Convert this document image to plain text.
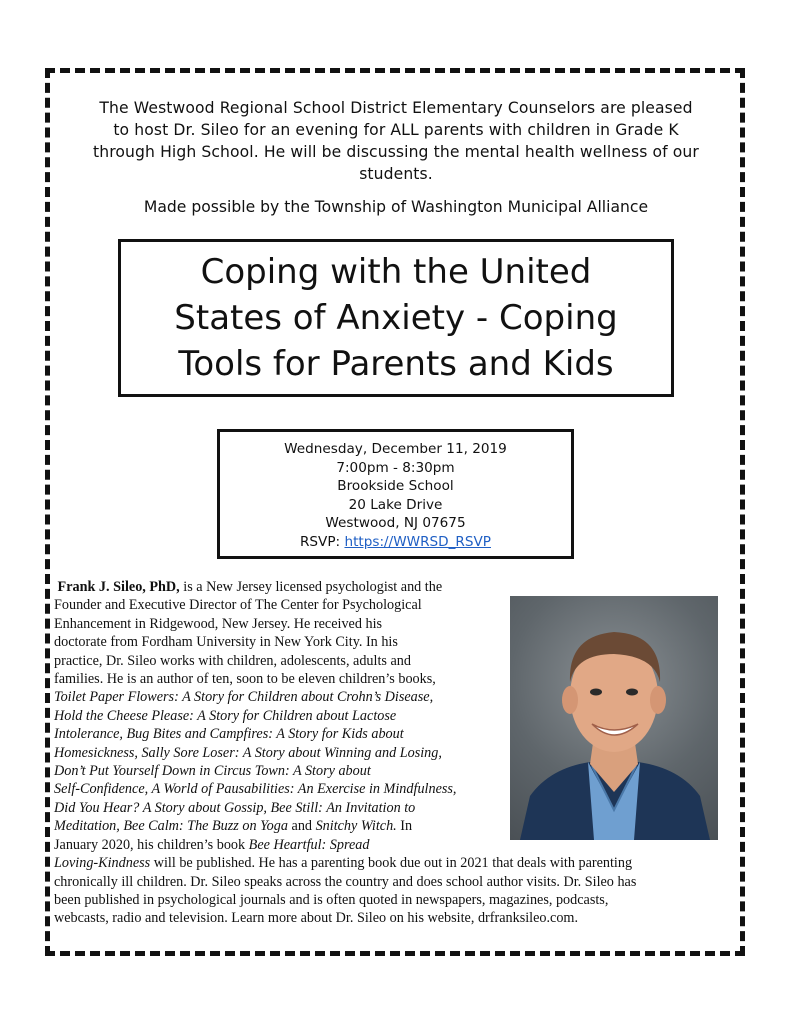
The Westwood Regional School District Elementary Counselors are pleased
to host Dr. Sileo for an evening for ALL parents with children in Grade K
through High School. He will be discussing the mental health wellness of our
students.
Made possible by the Township of Washington Municipal Alliance
Coping with the United
States of Anxiety - Coping
Tools for Parents and Kids
Wednesday, December 11, 2019
7:00pm - 8:30pm
Brookside School
20 Lake Drive
Westwood, NJ 07675
RSVP: https://WWRSD_RSVP
Frank J. Sileo, PhD, is a New Jersey licensed psychologist and the
Founder and Executive Director of The Center for Psychological
Enhancement in Ridgewood, New Jersey. He received his
doctorate from Fordham University in New York City. In his
practice, Dr. Sileo works with children, adolescents, adults and
families. He is an author of ten, soon to be eleven children’s books,
Toilet Paper Flowers: A Story for Children about Crohn’s Disease,
Hold the Cheese Please: A Story for Children about Lactose
Intolerance, Bug Bites and Campfires: A Story for Kids about
Homesickness, Sally Sore Loser: A Story about Winning and Losing,
Don’t Put Yourself Down in Circus Town: A Story about
Self-Confidence, A World of Pausabilities: An Exercise in Mindfulness,
Did You Hear? A Story about Gossip, Bee Still: An Invitation to
Meditation, Bee Calm: The Buzz on Yoga and Snitchy Witch. In
January 2020, his children’s book Bee Heartful: Spread
Loving-Kindness will be published. He has a parenting book due out in 2021 that deals with parenting
chronically ill children. Dr. Sileo speaks across the country and does school author visits. Dr. Sileo has
been published in psychological journals and is often quoted in newspapers, magazines, podcasts,
webcasts, radio and television. Learn more about Dr. Sileo on his website, drfranksileo.com.
